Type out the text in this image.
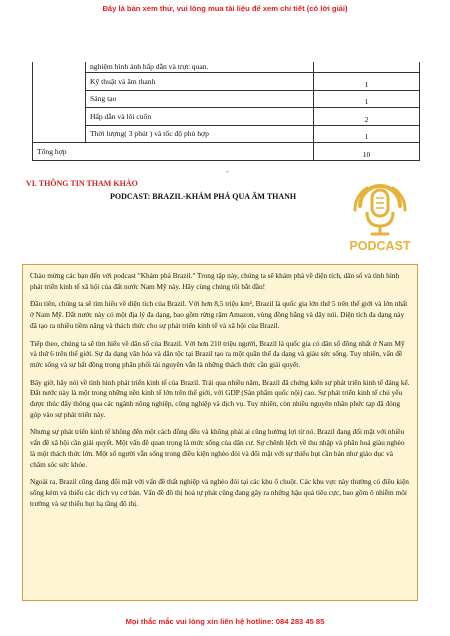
Đây là bản xem thử, vui lòng mua tài liệu để xem chi tiết (có lời giải)
	nghiệm hình ảnh hấp dẫn và trực quan.	
	Kỹ thuật và âm thanh	1
	Sáng tạo	1
	Hấp dẫn và lôi cuốn	2
	Thời lượng( 3 phút ) và tốc độ phù hợp	1
Tổng hợp		10
-
VI. THÔNG TIN THAM KHẢO
PODCAST: BRAZIL-KHÁM PHÁ QUA ÂM THANH
PODCAST

Chào mừng các bạn đến với podcast "Khám phá Brazil." Trong tập này, chúng ta sẽ khám phá về diện tích, dân số và tình hình phát triển kinh tế xã hội của đất nước Nam Mỹ này. Hãy cùng chúng tôi bắt đầu!

Đầu tiên, chúng ta sẽ tìm hiểu về diện tích của Brazil. Với hơn 8,5 triệu km², Brazil là quốc gia lớn thứ 5 trên thế giới và lớn nhất ở Nam Mỹ. Đất nước này có một địa lý đa dạng, bao gồm rừng rậm Amazon, vùng đồng bằng và dãy núi. Diện tích đa dạng này đã tạo ra nhiều tiềm năng và thách thức cho sự phát triển kinh tế và xã hội của Brazil.

Tiếp theo, chúng ta sẽ tìm hiểu về dân số của Brazil. Với hơn 210 triệu người, Brazil là quốc gia có dân số đông nhất ở Nam Mỹ và thứ 6 trên thế giới. Sự đa dạng văn hóa và dân tộc tại Brazil tạo ra một quần thể đa dạng và giàu sức sống. Tuy nhiên, vấn đề mức sống và sự bất đồng trong phân phối tài nguyên vẫn là những thách thức cần giải quyết.

Bây giờ, hãy nói về tình hình phát triển kinh tế của Brazil. Trải qua nhiều năm, Brazil đã chứng kiến sự phát triển kinh tế đáng kể. Đất nước này là một trong những nền kinh tế lớn trên thế giới, với GDP (Sản phẩm quốc nội) cao. Sự phát triển kinh tế chủ yếu được thúc đẩy thông qua các ngành nông nghiệp, công nghiệp và dịch vụ. Tuy nhiên, còn nhiều nguyên nhân phức tạp đã đóng góp vào sự phát triển này.

Nhưng sự phát triển kinh tế không đến một cách đồng đều và không phải ai cũng hưởng lợi từ nó. Brazil đang đối mặt với nhiều vấn đề xã hội cần giải quyết. Một vấn đề quan trọng là mức sống của dân cư. Sự chênh lệch về thu nhập và phân hoá giàu nghèo là một thách thức lớn. Một số người vẫn sống trong điều kiện nghèo đói và đối mặt với sự thiếu hụt cần bản như giáo dục và chăm sóc sức khỏe.

Ngoài ra, Brazil cũng đang đối mặt với vấn đề thất nghiệp và nghèo đói tại các khu ổ chuột. Các khu vực này thường có điều kiện sống kém và thiếu các dịch vụ cơ bản. Vấn đề đô thị hoá tự phát cũng đang gây ra những hậu quả tiêu cực, bao gồm ô nhiễm môi trường và sự thiếu hụt hạ tầng đô thị.

Mọi thắc mắc vui lòng xin liên hệ hotline: 084 283 45 85
